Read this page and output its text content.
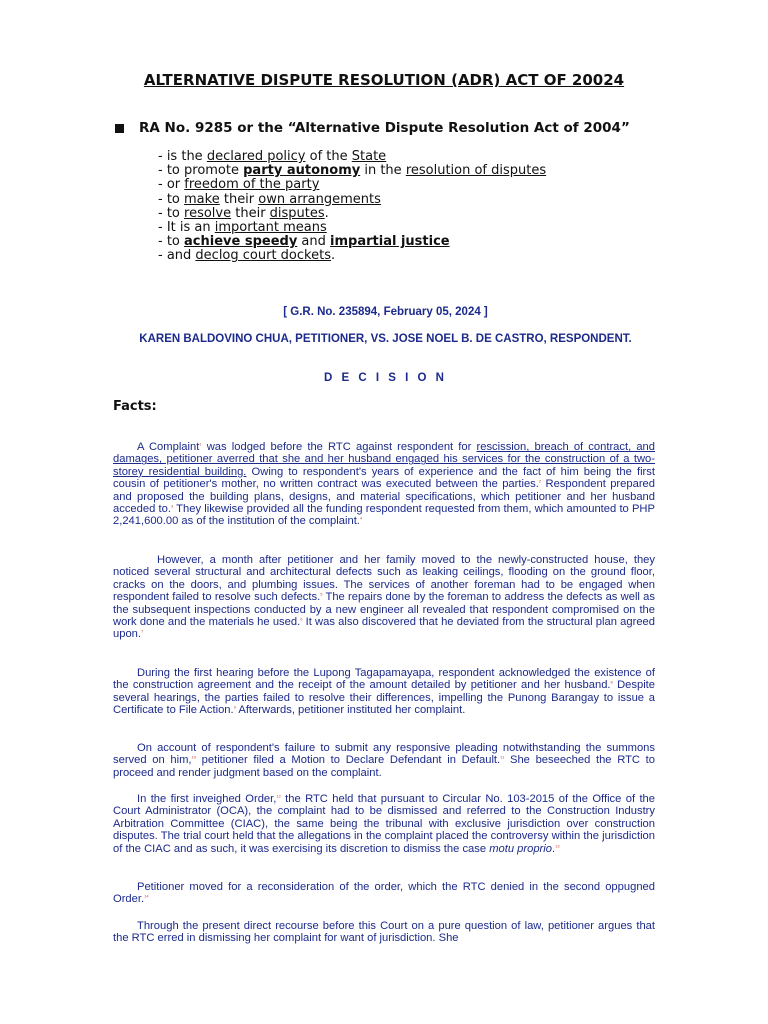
ALTERNATIVE DISPUTE RESOLUTION (ADR) ACT OF 20024
RA No. 9285 or the “Alternative Dispute Resolution Act of 2004”
- is the declared policy of the State
- to promote party autonomy in the resolution of disputes
- or freedom of the party
- to make their own arrangements
- to resolve their disputes.
- It is an important means
- to achieve speedy and impartial justice
- and declog court dockets.
[ G.R. No. 235894, February 05, 2024 ]
KAREN BALDOVINO CHUA, PETITIONER, VS. JOSE NOEL B. DE CASTRO, RESPONDENT.
D E C I S I O N
Facts:
A Complaint$^1$ was lodged before the RTC against respondent for rescission, breach of contract, and damages, petitioner averred that she and her husband engaged his services for the construction of a two-storey residential building. Owing to respondent's years of experience and the fact of him being the first cousin of petitioner's mother, no written contract was executed between the parties.$^2$ Respondent prepared and proposed the building plans, designs, and material specifications, which petitioner and her husband acceded to.$^3$ They likewise provided all the funding respondent requested from them, which amounted to PHP 2,241,600.00 as of the institution of the complaint.$^4$
However, a month after petitioner and her family moved to the newly-constructed house, they noticed several structural and architectural defects such as leaking ceilings, flooding on the ground floor, cracks on the doors, and plumbing issues. The services of another foreman had to be engaged when respondent failed to resolve such defects.$^5$ The repairs done by the foreman to address the defects as well as the subsequent inspections conducted by a new engineer all revealed that respondent compromised on the work done and the materials he used.$^6$ It was also discovered that he deviated from the structural plan agreed upon.$^7$
During the first hearing before the Lupong Tagapamayapa, respondent acknowledged the existence of the construction agreement and the receipt of the amount detailed by petitioner and her husband.$^8$ Despite several hearings, the parties failed to resolve their differences, impelling the Punong Barangay to issue a Certificate to File Action.$^9$ Afterwards, petitioner instituted her complaint.
On account of respondent's failure to submit any responsive pleading notwithstanding the summons served on him,$^{10}$ petitioner filed a Motion to Declare Defendant in Default.$^{11}$ She beseeched the RTC to proceed and render judgment based on the complaint.
In the first inveighed Order,$^{12}$ the RTC held that pursuant to Circular No. 103-2015 of the Office of the Court Administrator (OCA), the complaint had to be dismissed and referred to the Construction Industry Arbitration Committee (CIAC), the same being the tribunal with exclusive jurisdiction over construction disputes. The trial court held that the allegations in the complaint placed the controversy within the jurisdiction of the CIAC and as such, it was exercising its discretion to dismiss the case motu proprio.$^{13}$
Petitioner moved for a reconsideration of the order, which the RTC denied in the second oppugned Order.$^{14}$
Through the present direct recourse before this Court on a pure question of law, petitioner argues that the RTC erred in dismissing her complaint for want of jurisdiction. She
